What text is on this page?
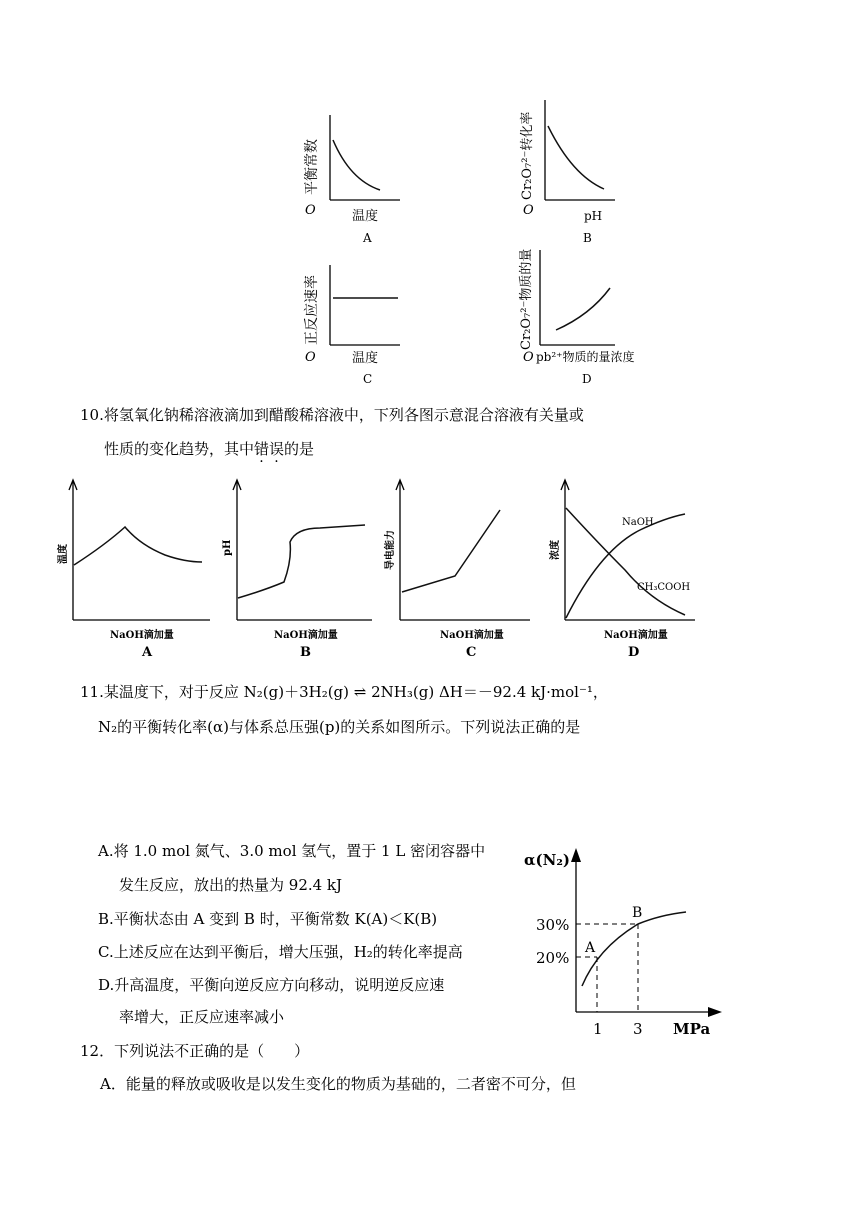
平衡常数
O	温度
A
Cr₂O₇²⁻转化率
O	pH
B
正反应速率
O	温度
C
Cr₂O₇²⁻物质的量
O pb²⁺物质的量浓度
D
10.将氢氧化钠稀溶液滴加到醋酸稀溶液中，下列各图示意混合溶液有关量或
性质的变化趋势，其中错误的是
温度
NaOH滴加量
A
pH
NaOH滴加量
B
导电能力
NaOH滴加量
C
NaOH
CH₃COOH
浓度
NaOH滴加量
D
11.某温度下，对于反应 N₂(g)＋3H₂(g) ⇌ 2NH₃(g) ΔH＝－92.4 kJ·mol⁻¹，
N₂的平衡转化率(α)与体系总压强(p)的关系如图所示。下列说法正确的是
A.将 1.0 mol 氮气、3.0 mol 氢气，置于 1 L 密闭容器中
发生反应，放出的热量为 92.4 kJ
B.平衡状态由 A 变到 B 时，平衡常数 K(A)＜K(B)
C.上述反应在达到平衡后，增大压强，H₂的转化率提高
D.升高温度，平衡向逆反应方向移动，说明逆反应速
率增大，正反应速率减小
α(N₂)
30%
20%
A
B
1 3 MPa
12．下列说法不正确的是（　　）
A．能量的释放或吸收是以发生变化的物质为基础的，二者密不可分，但
